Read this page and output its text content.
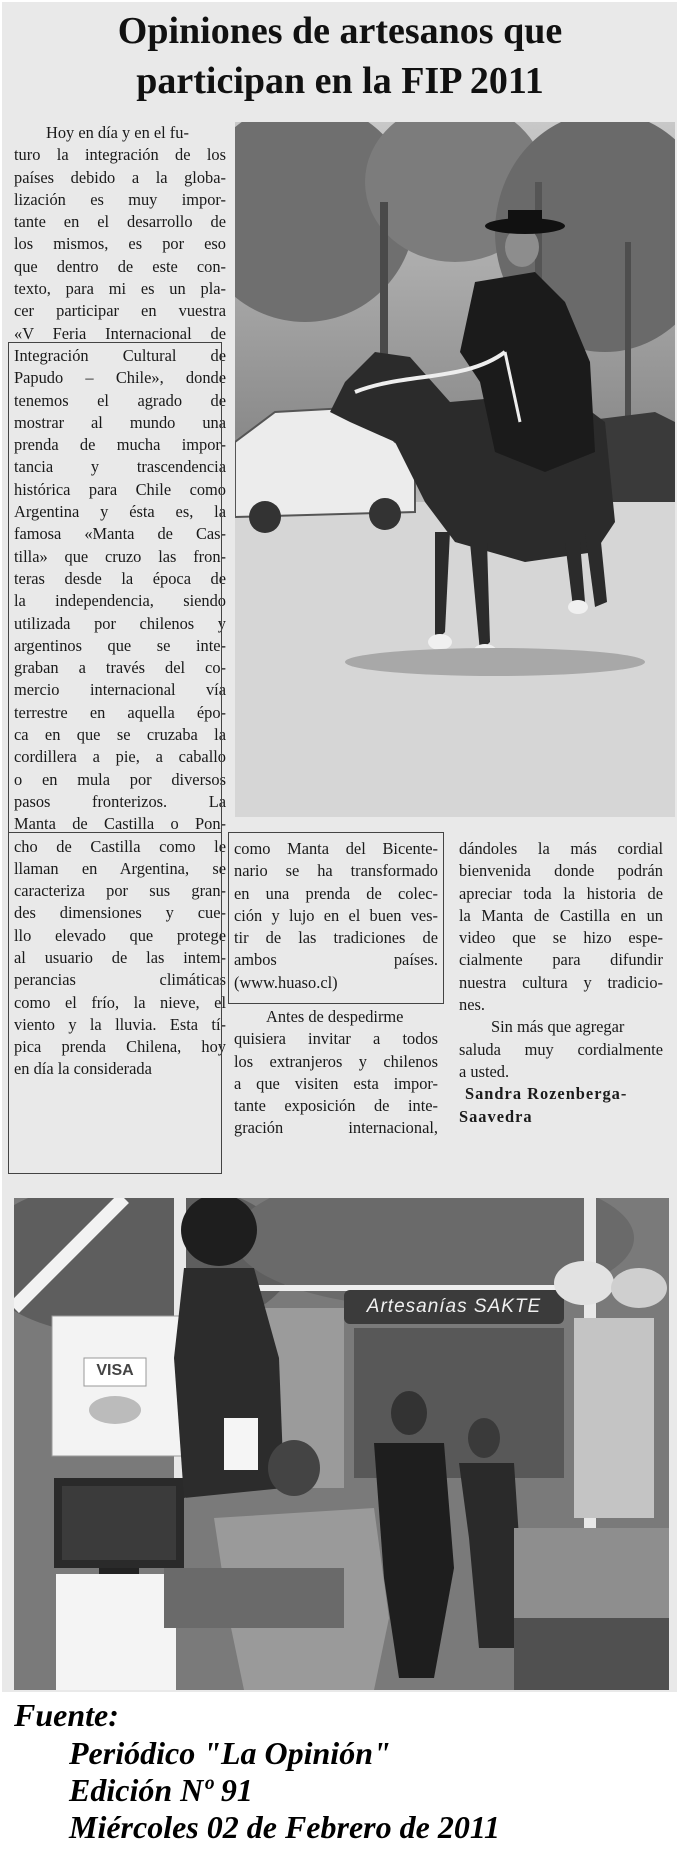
Opiniones de artesanos que
participan en la FIP 2011
Hoy en día y en el fu-
turo la integración de los
países debido a la globa-
lización es muy impor-
tante en el desarrollo de
los mismos, es por eso
que dentro de este con-
texto, para mi es un pla-
cer participar en vuestra
«V Feria Internacional de
Integración Cultural de
Papudo – Chile», donde
tenemos el agrado de
mostrar al mundo una
prenda de mucha impor-
tancia y trascendencia
histórica para Chile como
Argentina y ésta es, la
famosa «Manta de Cas-
tilla» que cruzo las fron-
teras desde la época de
la independencia, siendo
utilizada por chilenos y
argentinos que se inte-
graban a través del co-
mercio internacional vía
terrestre en aquella épo-
ca en que se cruzaba la
cordillera a pie, a caballo
o en mula por diversos
pasos fronterizos. La
Manta de Castilla o Pon-
cho de Castilla como le
llaman en Argentina, se
caracteriza por sus gran-
des dimensiones y cue-
llo elevado que protege
al usuario de las intem-
perancias climáticas
como el frío, la nieve, el
viento y la lluvia. Esta tí-
pica prenda Chilena, hoy
en día la considerada
como Manta del Bicente-
nario se ha transformado
en una prenda de colec-
ción y lujo en el buen ves-
tir de las tradiciones de
ambos países.
(www.huaso.cl)
Antes de despedirme
quisiera invitar a todos
los extranjeros y chilenos
a que visiten esta impor-
tante exposición de inte-
gración internacional,
dándoles la más cordial
bienvenida donde podrán
apreciar toda la historia de
la Manta de Castilla en un
video que se hizo espe-
cialmente para difundir
nuestra cultura y tradicio-
nes.
Sin más que agregar
saluda muy cordialmente
a usted.
Sandra Rozenberga-
Saavedra
Artesanías SAKTE
VISA
Fuente:
Periódico "La Opinión"
Edición Nº 91
Miércoles 02 de Febrero de 2011
